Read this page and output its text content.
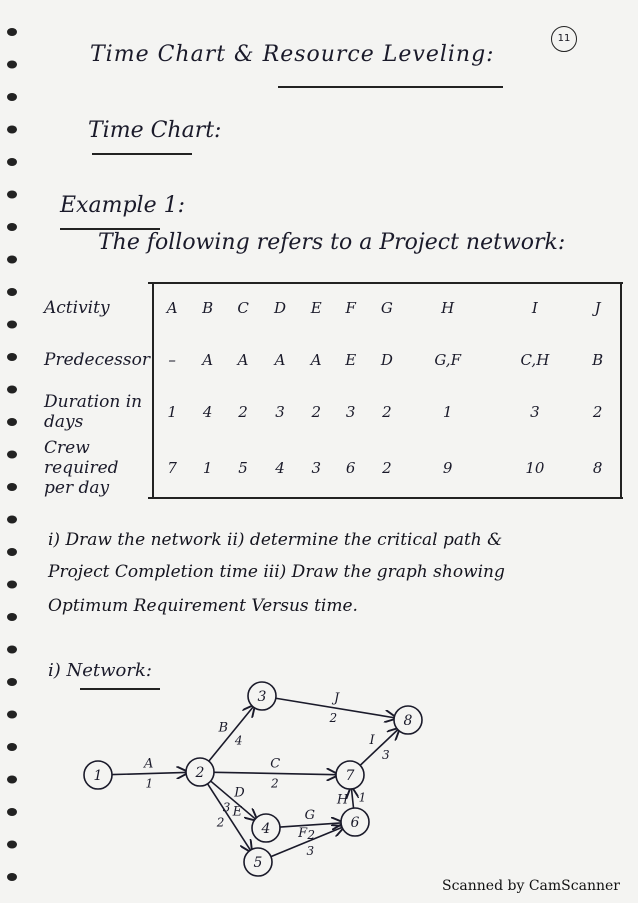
11
Time Chart & Resource Leveling:
Time Chart:
Example 1:
The following refers to a Project network:
Activity	A	B	C	D	E	F	G	H	I	J
Predecessor	–	A	A	A	A	E	D	G,F	C,H	B
Duration in days	1	4	2	3	2	3	2	1	3	2
Crew required per day	7	1	5	4	3	6	2	9	10	8
i) Draw the network ii) determine the critical path &
Project Completion time iii) Draw the graph showing
Optimum Requirement Versus time.
i) Network:
1	2
3
4
5
6
7
8
A
1
B
4
J
2
C
2
I
3
D
3
G
2
E
2
F
3
H 1
Scanned by CamScanner
